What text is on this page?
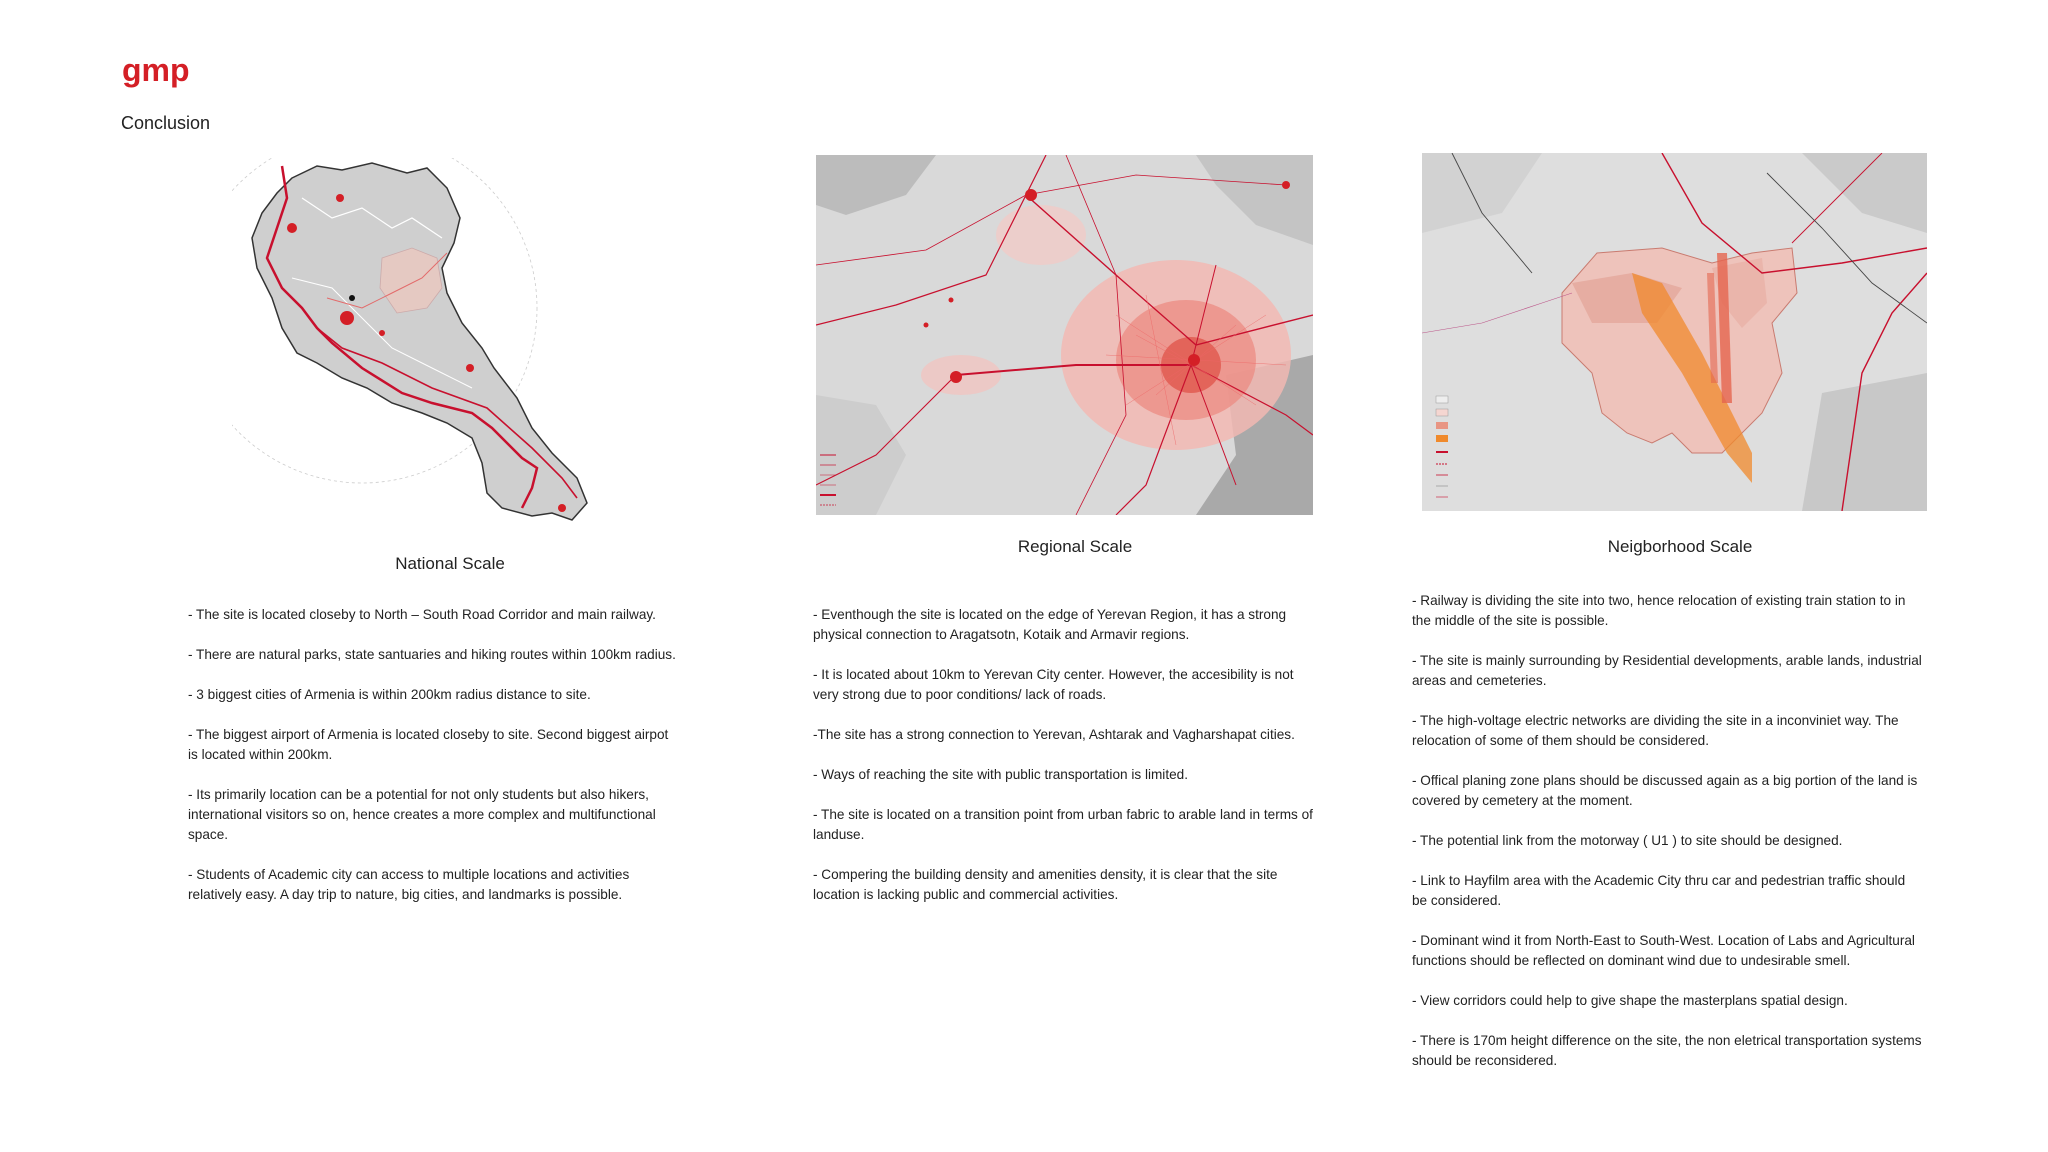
gmp
Conclusion
National Scale
Regional Scale	Neigborhood Scale

- The site is located closeby to North – South Road Corridor and main railway.

- There are natural parks, state santuaries and hiking routes within 100km radius.

- 3 biggest cities of Armenia is within 200km radius distance to site.

- The biggest airport of Armenia is located closeby to site. Second biggest airpot is located within 200km.

- Its primarily location can be a potential for not only students but also hikers, international visitors so on, hence creates a more complex and multifunctional space.

- Students of Academic city can access to multiple locations and activities relatively easy. A day trip to nature, big cities, and landmarks is possible.

- Eventhough the site is located on the edge of Yerevan Region, it has a strong physical connection to Aragatsotn, Kotaik and Armavir regions.

- It is located about 10km to Yerevan City center. However, the accesibility is not very strong due to poor conditions/ lack of roads.

-The site has a strong connection to Yerevan, Ashtarak and Vagharshapat cities.

- Ways of reaching the site with public transportation is limited.

- The site is located on a transition point from urban fabric to arable land in terms of landuse.

- Compering the building density and amenities density, it is clear that the site location is lacking public and commercial activities.

- Railway is dividing the site into two, hence relocation of existing train station to in the middle of the site is possible.

- The site is mainly surrounding by Residential developments, arable lands, industrial areas and cemeteries.

- The high-voltage electric networks are dividing the site in a inconviniet way. The relocation of some of them should be considered.

- Offical planing zone plans should be discussed again as a big portion of the land is covered by cemetery at the moment.

- The potential link from the motorway ( U1 ) to site should be designed.

- Link to Hayfilm area with the Academic City thru car and pedestrian traffic should be considered.

- Dominant wind it from North-East to South-West. Location of Labs and Agricultural functions should be reflected on dominant wind due to undesirable smell.

- View corridors could help to give shape the masterplans spatial design.

- There is 170m height difference on the site, the non eletrical transportation systems should be reconsidered.
